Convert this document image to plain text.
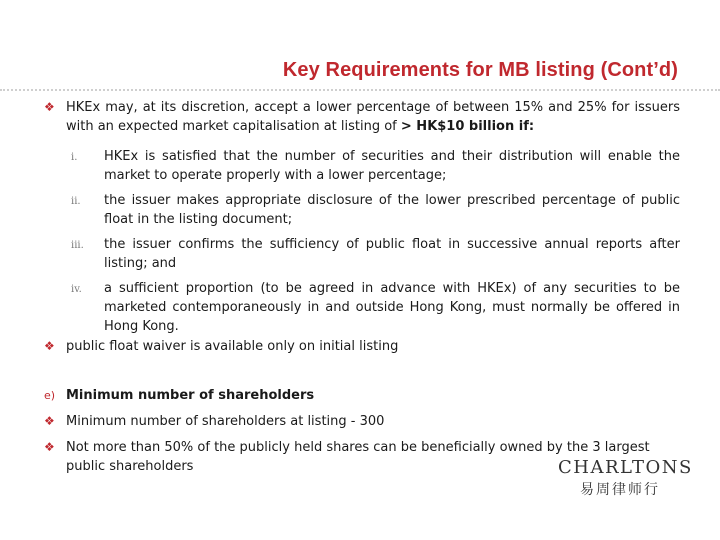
Key Requirements for MB listing (Cont’d)
❖ HKEx may, at its discretion, accept a lower percentage of between 15% and 25% for issuers with an expected market capitalisation at listing of > HK$10 billion if:
i. HKEx is satisfied that the number of securities and their distribution will enable the market to operate properly with a lower percentage;
ii. the issuer makes appropriate disclosure of the lower prescribed percentage of public float in the listing document;
iii. the issuer confirms the sufficiency of public float in successive annual reports after listing; and
iv. a sufficient proportion (to be agreed in advance with HKEx) of any securities to be marketed contemporaneously in and outside Hong Kong, must normally be offered in Hong Kong.
❖ public float waiver is available only on initial listing
e) Minimum number of shareholders
❖ Minimum number of shareholders at listing - 300
❖ Not more than 50% of the publicly held shares can be beneficially owned by the 3 largest public shareholders	CHARLTONS
易周律师行
